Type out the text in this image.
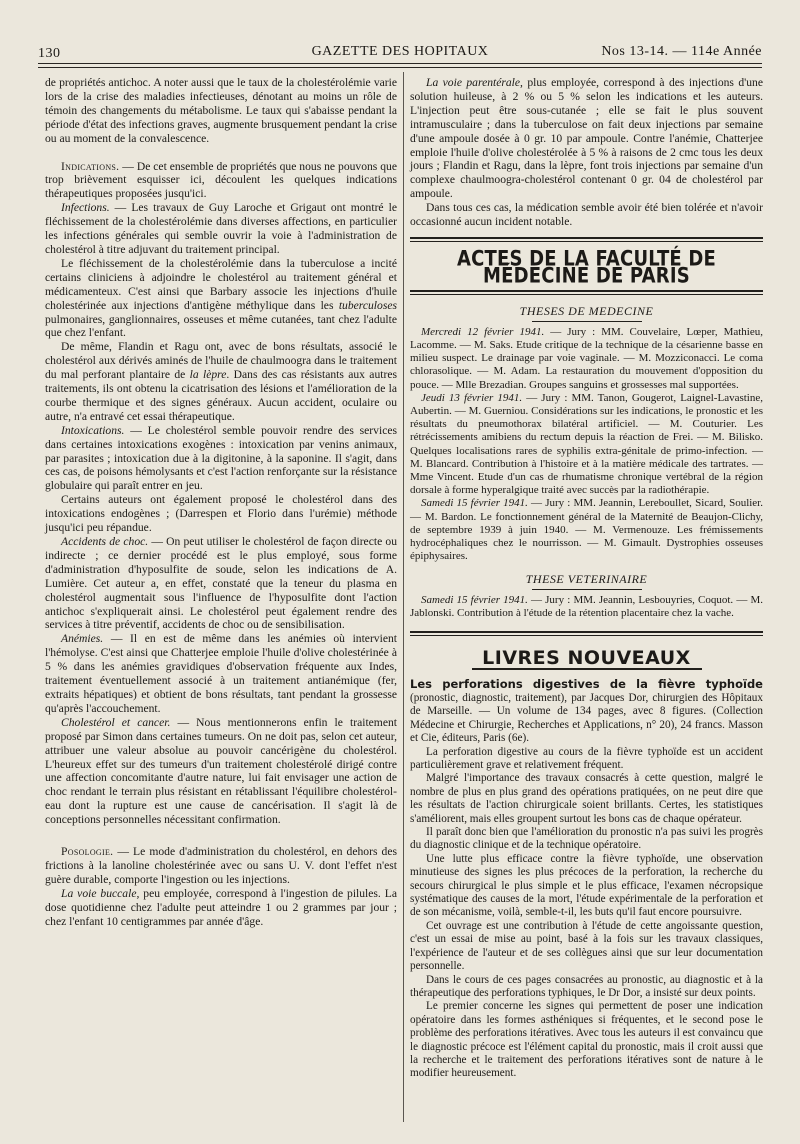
130	GAZETTE DES HOPITAUX	Nos 13-14. — 114e Année

de propriétés antichoc. A noter aussi que le taux de la cholestérolémie varie lors de la crise des maladies infectieuses, dénotant au moins un rôle de témoin des changements du métabolisme. Le taux qui s'abaisse pendant la période d'état des infections graves, augmente brusquement pendant la crise ou au moment de la convalescence.

Indications. — De cet ensemble de propriétés que nous ne pouvons que trop brièvement esquisser ici, découlent les quelques indications thérapeutiques proposées jusqu'ici.

Infections. — Les travaux de Guy Laroche et Grigaut ont montré le fléchissement de la cholestérolémie dans diverses affections, en particulier les infections générales qui semble ouvrir la voie à l'administration de cholestérol à titre adjuvant du traitement principal.

Le fléchissement de la cholestérolémie dans la tuberculose a incité certains cliniciens à adjoindre le cholestérol au traitement général et médicamenteux. C'est ainsi que Barbary associe les injections d'huile cholestérinée aux injections d'antigène méthylique dans les tuberculoses pulmonaires, ganglionnaires, osseuses et même cutanées, tant chez l'adulte que chez l'enfant.

De même, Flandin et Ragu ont, avec de bons résultats, associé le cholestérol aux dérivés aminés de l'huile de chaulmoogra dans le traitement du mal perforant plantaire de la lèpre. Dans des cas résistants aux autres traitements, ils ont obtenu la cicatrisation des lésions et l'amélioration de la courbe thermique et des signes généraux. Aucun accident, oculaire ou autre, n'a entravé cet essai thérapeutique.

Intoxications. — Le cholestérol semble pouvoir rendre des services dans certaines intoxications exogènes : intoxication par venins animaux, par parasites ; intoxication due à la digitonine, à la saponine. Il s'agit, dans ces cas, de poisons hémolysants et c'est l'action renforçante sur la résistance globulaire qui paraît entrer en jeu.

Certains auteurs ont également proposé le cholestérol dans des intoxications endogènes ; (Darrespen et Florio dans l'urémie) méthode jusqu'ici peu répandue.

Accidents de choc. — On peut utiliser le cholestérol de façon directe ou indirecte ; ce dernier procédé est le plus employé, sous forme d'administration d'hyposulfite de soude, selon les indications de A. Lumière. Cet auteur a, en effet, constaté que la teneur du plasma en cholestérol augmentait sous l'influence de l'hyposulfite dont l'action antichoc s'expliquerait ainsi. Le cholestérol peut également rendre des services à titre préventif, accidents de choc ou de sensibilisation.

Anémies. — Il en est de même dans les anémies où intervient l'hémolyse. C'est ainsi que Chatterjee emploie l'huile d'olive cholestérinée à 5 % dans les anémies gravidiques d'observation fréquente aux Indes, traitement éventuellement associé à un traitement antianémique (fer, extraits hépatiques) et obtient de bons résultats, tant pendant la grossesse qu'après l'accouchement.

Cholestérol et cancer. — Nous mentionnerons enfin le traitement proposé par Simon dans certaines tumeurs. On ne doit pas, selon cet auteur, attribuer une valeur absolue au pouvoir cancérigène du cholestérol. L'heureux effet sur des tumeurs d'un traitement cholestérolé dirigé contre une affection concomitante d'autre nature, lui fait envisager une action de choc rendant le terrain plus résistant en rétablissant l'équilibre cholestérol-eau dont la rupture est une cause de cancérisation. Il s'agit là de conceptions personnelles nécessitant confirmation.

Posologie. — Le mode d'administration du cholestérol, en dehors des frictions à la lanoline cholestérinée avec ou sans U. V. dont l'effet n'est guère durable, comporte l'ingestion ou les injections.

La voie buccale, peu employée, correspond à l'ingestion de pilules. La dose quotidienne chez l'adulte peut atteindre 1 ou 2 grammes par jour ; chez l'enfant 10 centigrammes par année d'âge.

La voie parentérale, plus employée, correspond à des injections d'une solution huileuse, à 2 % ou 5 % selon les indications et les auteurs. L'injection peut être sous-cutanée ; elle se fait le plus souvent intramusculaire ; dans la tuberculose on fait deux injections par semaine d'une ampoule dosée à 0 gr. 10 par ampoule. Contre l'anémie, Chatterjee emploie l'huile d'olive cholestérolée à 5 % à raisons de 2 cmc tous les deux jours ; Flandin et Ragu, dans la lèpre, font trois injections par semaine d'un complexe chaulmoogra-cholestérol contenant 0 gr. 04 de cholestérol par ampoule.

Dans tous ces cas, la médication semble avoir été bien tolérée et n'avoir occasionné aucun incident notable.

ACTES DE LA FACULTÉ DE MÉDECINE DE PARIS
THESES DE MEDECINE

 Mercredi 12 février 1941. — Jury : MM. Couvelaire, Lœper, Mathieu, Lacomme. — M. Saks. Etude critique de la technique de la césarienne basse en milieu suspect. Le drainage par voie vaginale. — M. Mozziconacci. Le coma chlorasolique. — M. Adam. La restauration du mouvement d'opposition du pouce. — Mlle Brezadian. Groupes sanguins et grossesses mal supportées.

 Jeudi 13 février 1941. — Jury : MM. Tanon, Gougerot, Laignel-Lavastine, Aubertin. — M. Guerniou. Considérations sur les indications, le pronostic et les résultats du pneumothorax bilatéral artificiel. — M. Couturier. Les rétrécissements amibiens du rectum depuis la réaction de Frei. — M. Bilisko. Quelques localisations rares de syphilis extra-génitale de primo-infection. — M. Blancard. Contribution à l'histoire et à la matière médicale des tartrates. — Mme Vincent. Etude d'un cas de rhumatisme chronique vertébral de la région dorsale à forme hyperalgique traité avec succès par la radiothérapie.

 Samedi 15 février 1941. — Jury : MM. Jeannin, Lereboullet, Sicard, Soulier. — M. Bardon. Le fonctionnement général de la Maternité de Beaujon-Clichy, de septembre 1939 à juin 1940. — M. Vermenouze. Les frémissements hydrocéphaliques chez le nourrisson. — M. Gimault. Dystrophies osseuses épiphysaires.

THESE VETERINAIRE

 Samedi 15 février 1941. — Jury : MM. Jeannin, Lesbouyries, Coquot. — M. Jablonski. Contribution à l'étude de la rétention placentaire chez la vache.

LIVRES NOUVEAUX

Les perforations digestives de la fièvre typhoïde (pronostic, diagnostic, traitement), par Jacques Dor, chirurgien des Hôpitaux de Marseille. — Un volume de 134 pages, avec 8 figures. (Collection Médecine et Chirurgie, Recherches et Applications, n° 20), 24 francs. Masson et Cie, éditeurs, Paris (6e).

La perforation digestive au cours de la fièvre typhoïde est un accident particulièrement grave et relativement fréquent.

Malgré l'importance des travaux consacrés à cette question, malgré le nombre de plus en plus grand des opérations pratiquées, on ne peut dire que les résultats de l'action chirurgicale soient brillants. Certes, les statistiques s'améliorent, mais elles groupent surtout les bons cas de chaque opérateur.

Il paraît donc bien que l'amélioration du pronostic n'a pas suivi les progrès du diagnostic clinique et de la technique opératoire.

Une lutte plus efficace contre la fièvre typhoïde, une observation minutieuse des signes les plus précoces de la perforation, la recherche du secours chirurgical le plus simple et le plus efficace, l'examen nécropsique systématique des causes de la mort, l'étude expérimentale de la perforation et de son mécanisme, voilà, semble-t-il, les buts qu'il faut encore poursuivre.

Cet ouvrage est une contribution à l'étude de cette angoissante question, c'est un essai de mise au point, basé à la fois sur les travaux classiques, l'expérience de l'auteur et de ses collègues ainsi que sur leur documentation personnelle.

Dans le cours de ces pages consacrées au pronostic, au diagnostic et à la thérapeutique des perforations typhiques, le Dr Dor, a insisté sur deux points.

Le premier concerne les signes qui permettent de poser une indication opératoire dans les formes asthéniques si fréquentes, et le second pose le problème des perforations itératives. Avec tous les auteurs il est convaincu que le diagnostic précoce est l'élément capital du pronostic, mais il croit aussi que la recherche et le traitement des perforations itératives sont de nature à le modifier heureusement.
